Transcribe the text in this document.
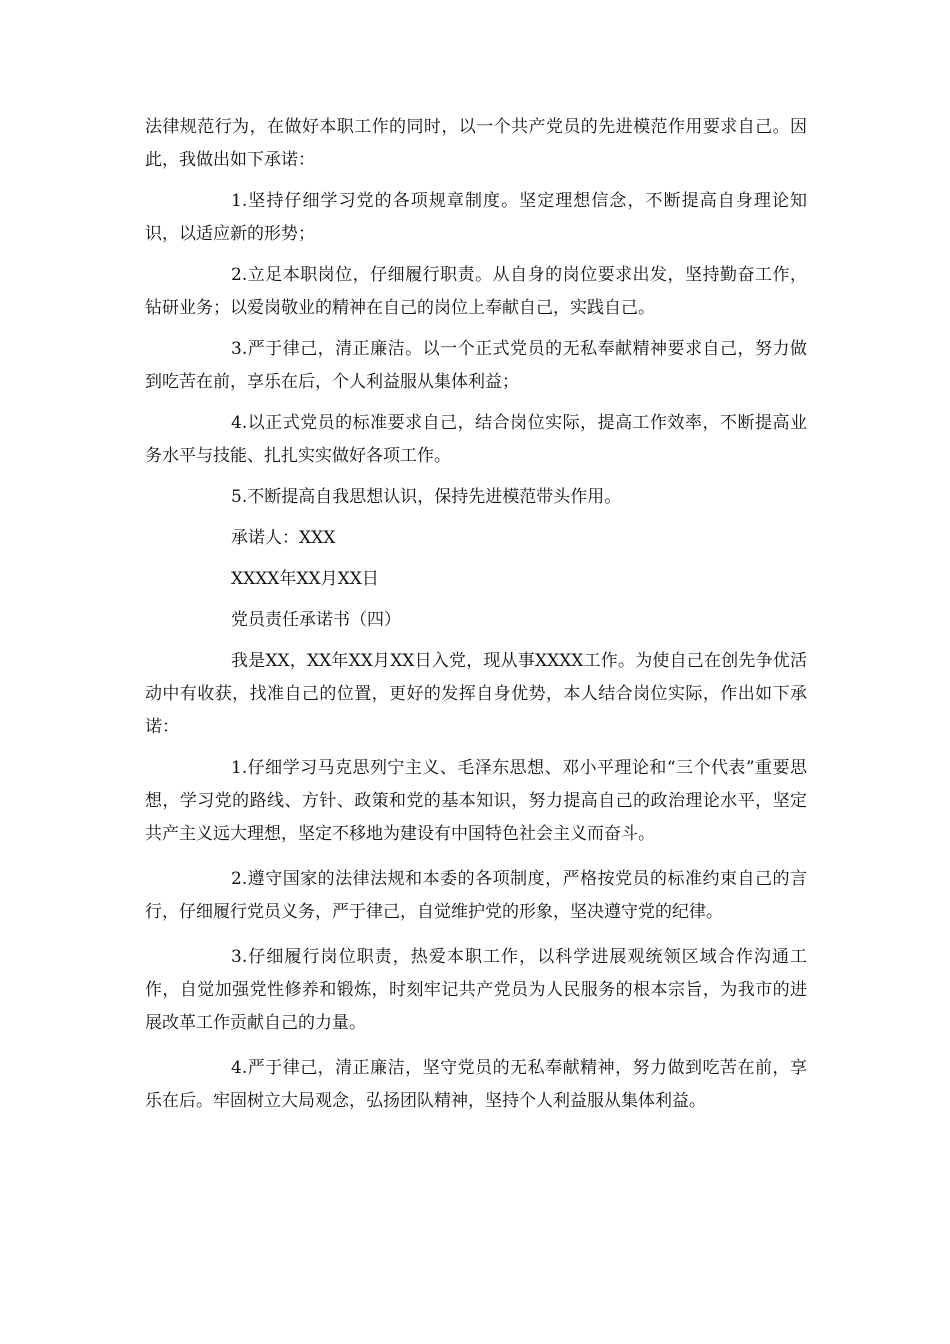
法律规范行为，在做好本职工作的同时，以一个共产党员的先进模范作用要求自己。因此，我做出如下承诺：

1.坚持仔细学习党的各项规章制度。坚定理想信念，不断提高自身理论知识，以适应新的形势；

2.立足本职岗位，仔细履行职责。从自身的岗位要求出发，坚持勤奋工作，钻研业务；以爱岗敬业的精神在自己的岗位上奉献自己，实践自己。

3.严于律己，清正廉洁。以一个正式党员的无私奉献精神要求自己，努力做到吃苦在前，享乐在后，个人利益服从集体利益；

4.以正式党员的标准要求自己，结合岗位实际，提高工作效率，不断提高业务水平与技能、扎扎实实做好各项工作。

5.不断提高自我思想认识，保持先进模范带头作用。

承诺人：XXX

XXXX年XX月XX日

党员责任承诺书（四）

我是XX，XX年XX月XX日入党，现从事XXXX工作。为使自己在创先争优活动中有收获，找准自己的位置，更好的发挥自身优势，本人结合岗位实际，作出如下承诺：

1.仔细学习马克思列宁主义、毛泽东思想、邓小平理论和“三个代表”重要思想，学习党的路线、方针、政策和党的基本知识，努力提高自己的政治理论水平，坚定共产主义远大理想，坚定不移地为建设有中国特色社会主义而奋斗。

2.遵守国家的法律法规和本委的各项制度，严格按党员的标准约束自己的言行，仔细履行党员义务，严于律己，自觉维护党的形象，坚决遵守党的纪律。

3.仔细履行岗位职责，热爱本职工作，以科学进展观统领区域合作沟通工作，自觉加强党性修养和锻炼，时刻牢记共产党员为人民服务的根本宗旨，为我市的进展改革工作贡献自己的力量。

4.严于律己，清正廉洁，坚守党员的无私奉献精神，努力做到吃苦在前，享乐在后。牢固树立大局观念，弘扬团队精神，坚持个人利益服从集体利益。
